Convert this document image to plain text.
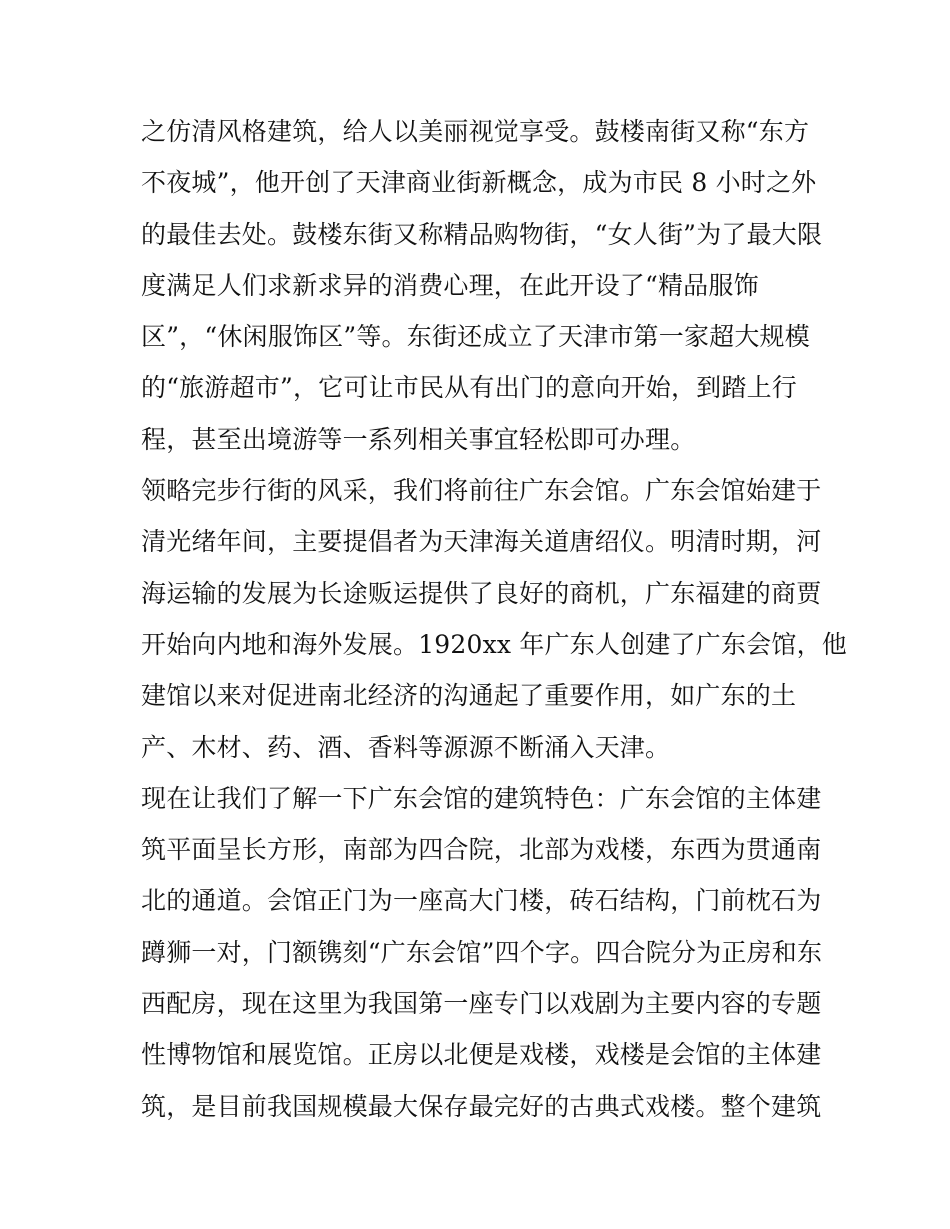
之仿清风格建筑，给人以美丽视觉享受。鼓楼南街又称“东方
不夜城”，他开创了天津商业街新概念，成为市民 8 小时之外
的最佳去处。鼓楼东街又称精品购物街，“女人街”为了最大限
度满足人们求新求异的消费心理，在此开设了“精品服饰
区”，“休闲服饰区”等。东街还成立了天津市第一家超大规模
的“旅游超市”，它可让市民从有出门的意向开始，到踏上行
程，甚至出境游等一系列相关事宜轻松即可办理。
领略完步行街的风采，我们将前往广东会馆。广东会馆始建于
清光绪年间，主要提倡者为天津海关道唐绍仪。明清时期，河
海运输的发展为长途贩运提供了良好的商机，广东福建的商贾
开始向内地和海外发展。1920xx 年广东人创建了广东会馆，他
建馆以来对促进南北经济的沟通起了重要作用，如广东的土
产、木材、药、酒、香料等源源不断涌入天津。
现在让我们了解一下广东会馆的建筑特色：广东会馆的主体建
筑平面呈长方形，南部为四合院，北部为戏楼，东西为贯通南
北的通道。会馆正门为一座高大门楼，砖石结构，门前枕石为
蹲狮一对，门额镌刻“广东会馆”四个字。四合院分为正房和东
西配房，现在这里为我国第一座专门以戏剧为主要内容的专题
性博物馆和展览馆。正房以北便是戏楼，戏楼是会馆的主体建
筑，是目前我国规模最大保存最完好的古典式戏楼。整个建筑
